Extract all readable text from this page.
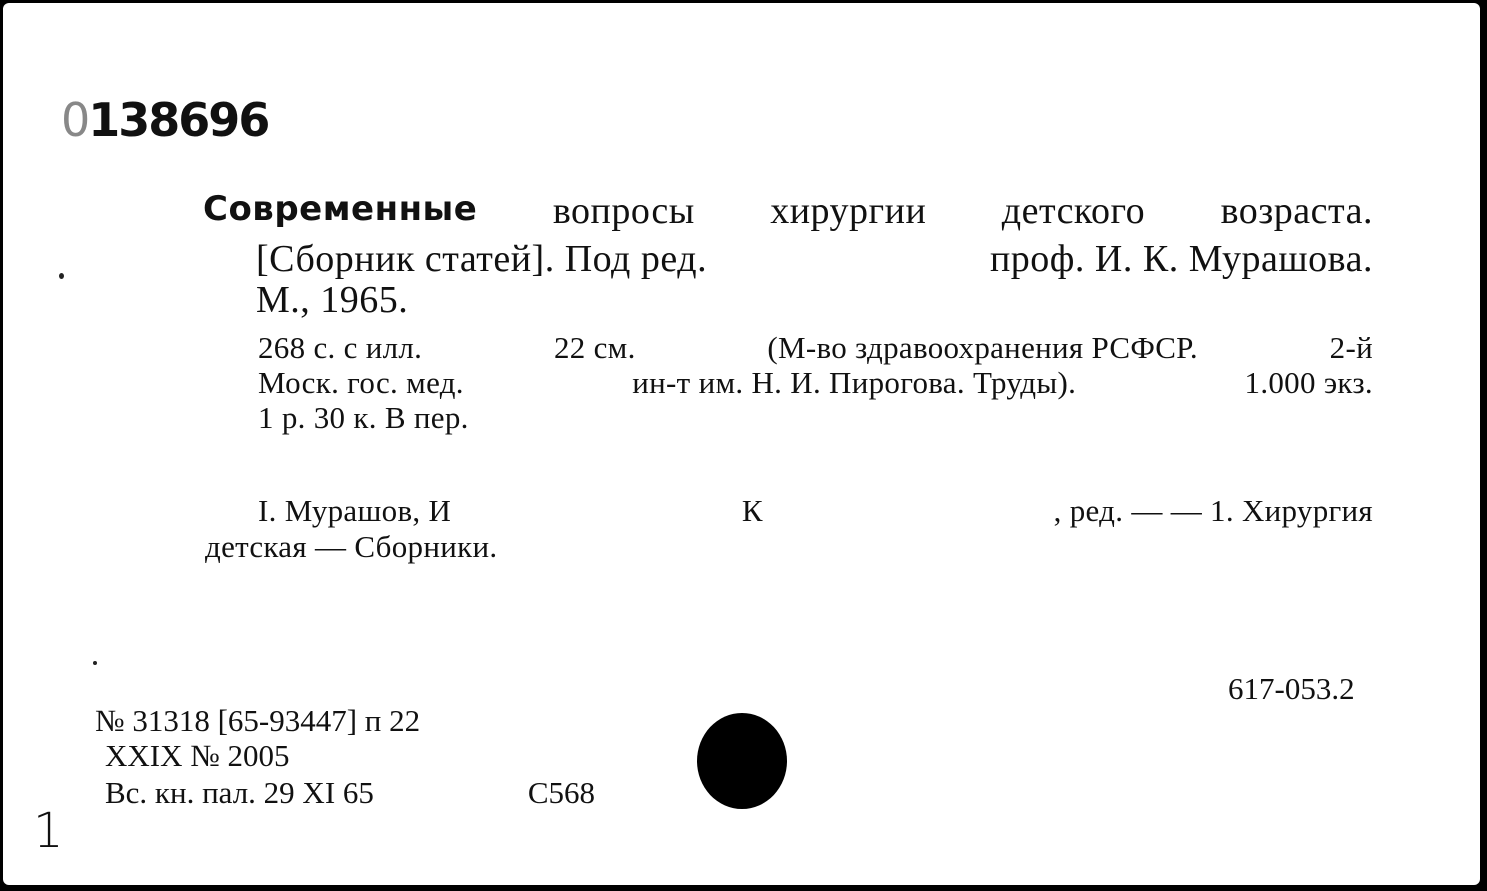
0138696
Современные вопросы хирургии детского возраста.
[Сборник статей]. Под ред.	проф. И. К. Мурашова.
М., 1965.
268 с. с илл.	22 см.	(М-во здравоохранения РСФСР.	2-й
Моск. гос. мед.	ин-т им. Н. И. Пирогова. Труды).	1.000 экз.
1 р. 30 к. В пер.
I. Мурашов, И	К	, ред. — — 1. Хирургия
детская — Сборники.
617-053.2
№ 31318 [65-93447] п 22
XXIX № 2005
Вс. кн. пал. 29 XI 65	С568
1
